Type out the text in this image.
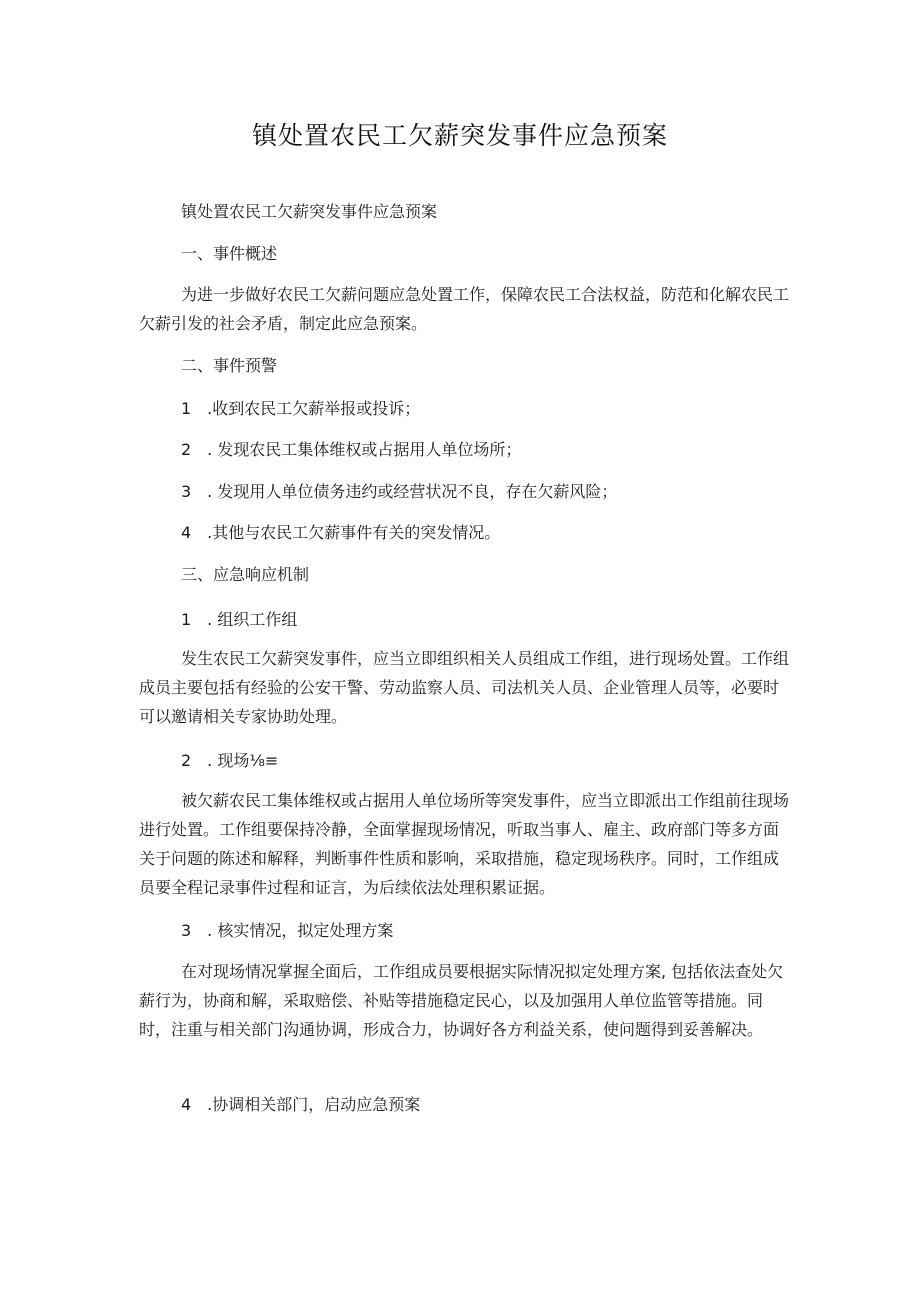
镇处置农民工欠薪突发事件应急预案
镇处置农民工欠薪突发事件应急预案
一、事件概述
为进一步做好农民工欠薪问题应急处置工作，保障农民工合法权益，防范和化解农民工欠薪引发的社会矛盾，制定此应急预案。
二、事件预警
1　.收到农民工欠薪举报或投诉；
2　. 发现农民工集体维权或占据用人单位场所；
3　. 发现用人单位债务违约或经营状况不良，存在欠薪风险；
4　.其他与农民工欠薪事件有关的突发情况。
三、应急响应机制
1　. 组织工作组
发生农民工欠薪突发事件，应当立即组织相关人员组成工作组，进行现场处置。工作组成员主要包括有经验的公安干警、劳动监察人员、司法机关人员、企业管理人员等，必要时可以邀请相关专家协助处理。
2　. 现场⅛≡
被欠薪农民工集体维权或占据用人单位场所等突发事件，应当立即派出工作组前往现场进行处置。工作组要保持冷静，全面掌握现场情况，听取当事人、雇主、政府部门等多方面关于问题的陈述和解释，判断事件性质和影响，采取措施，稳定现场秩序。同时，工作组成员要全程记录事件过程和证言，为后续依法处理积累证据。
3　. 核实情况，拟定处理方案
在对现场情况掌握全面后，工作组成员要根据实际情况拟定处理方案, 包括依法查处欠薪行为，协商和解，采取赔偿、补贴等措施稳定民心，以及加强用人单位监管等措施。同时，注重与相关部门沟通协调，形成合力，协调好各方利益关系，使问题得到妥善解决。
4　.协调相关部门，启动应急预案
